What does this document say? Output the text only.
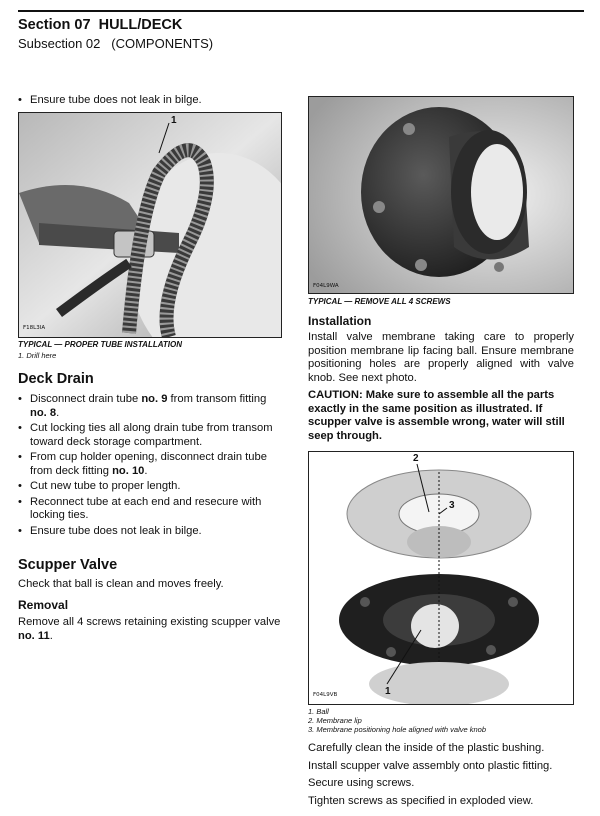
Section 07 HULL/DECK
Subsection 02 (COMPONENTS)
• Ensure tube does not leak in bilge.
1
F18L3IA
TYPICAL — PROPER TUBE INSTALLATION
1. Drill here
Deck Drain
• Disconnect drain tube no. 9 from transom fitting no. 8.
• Cut locking ties all along drain tube from transom toward deck storage compartment.
• From cup holder opening, disconnect drain tube from deck fitting no. 10.
• Cut new tube to proper length.
• Reconnect tube at each end and resecure with locking ties.
• Ensure tube does not leak in bilge.
Scupper Valve
Check that ball is clean and moves freely.
Removal
Remove all 4 screws retaining existing scupper valve no. 11.
F04L9WA
TYPICAL — REMOVE ALL 4 SCREWS
Installation
Install valve membrane taking care to properly position membrane lip facing ball. Ensure membrane positioning holes are properly aligned with valve knob. See next photo.
CAUTION: Make sure to assemble all the parts exactly in the same position as illustrated. If scupper valve is assemble wrong, water will still seep through.
2
3
1
F04L9VB
1. Ball
2. Membrane lip
3. Membrane positioning hole aligned with valve knob
Carefully clean the inside of the plastic bushing.
Install scupper valve assembly onto plastic fitting.
Secure using screws.
Tighten screws as specified in exploded view.
